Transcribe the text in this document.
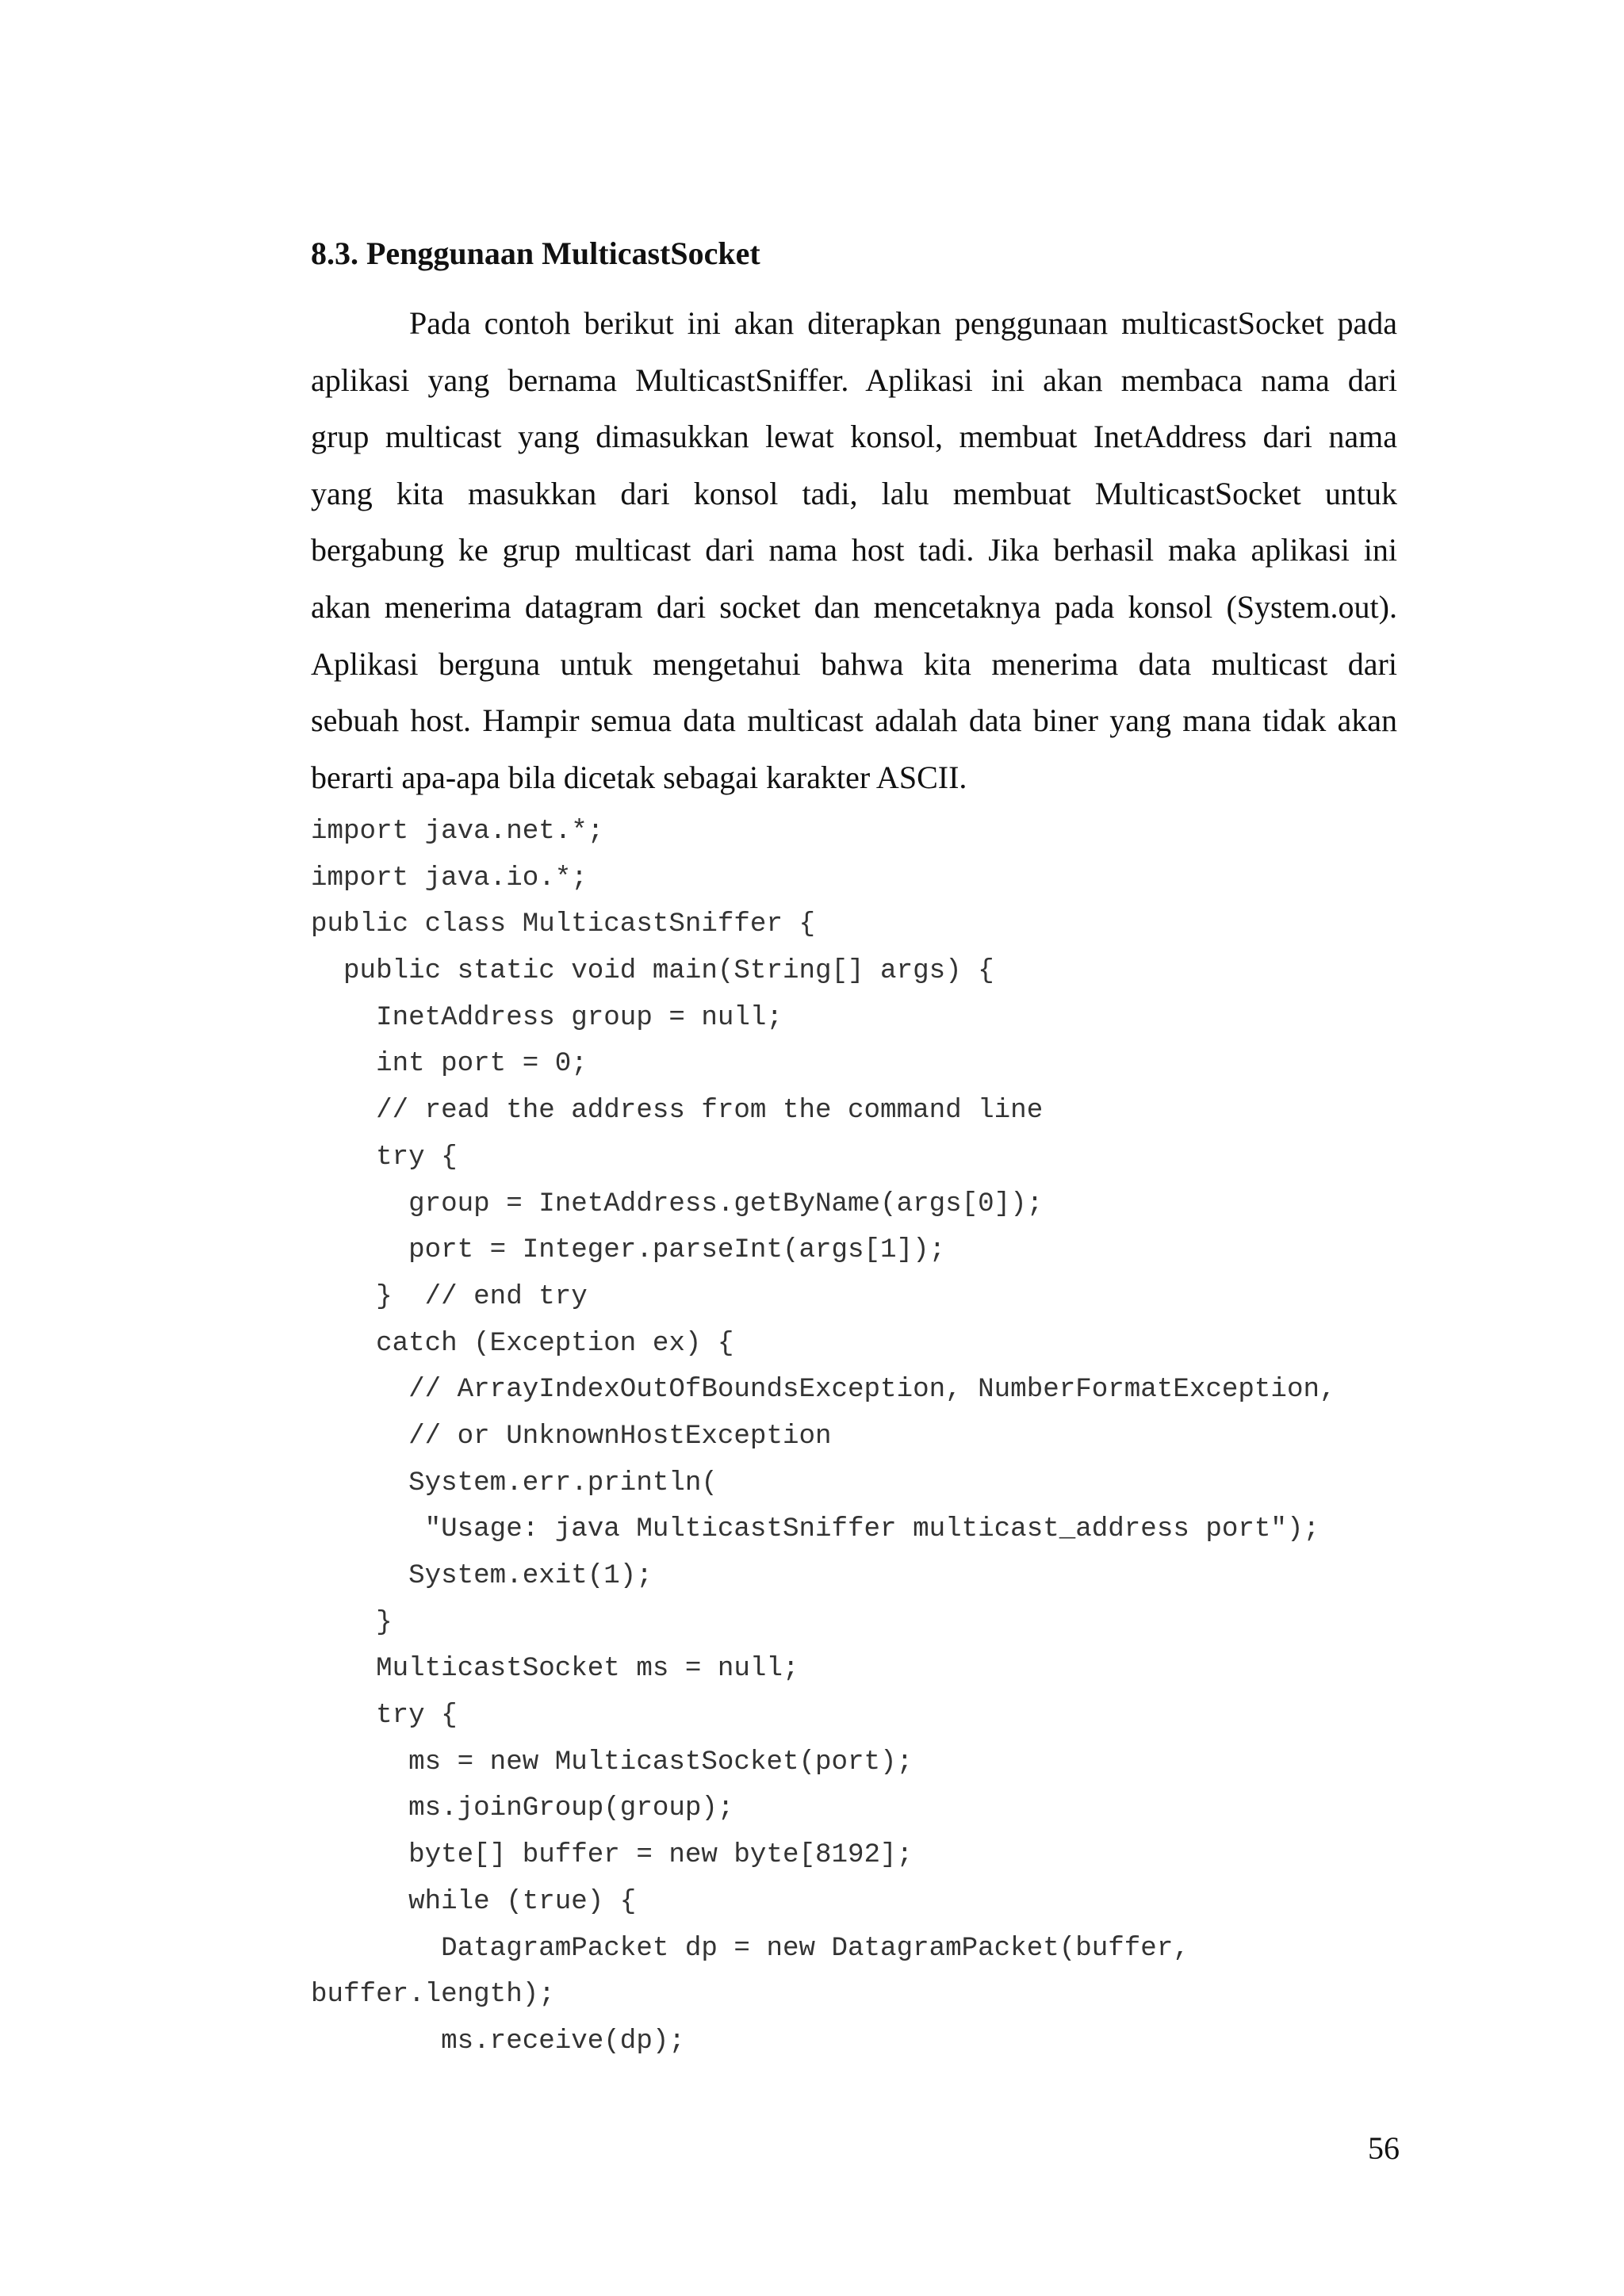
8.3. Penggunaan MulticastSocket
Pada contoh berikut ini akan diterapkan penggunaan multicastSocket pada
aplikasi yang bernama MulticastSniffer. Aplikasi ini akan membaca nama dari
grup multicast yang dimasukkan lewat konsol, membuat InetAddress dari nama
yang kita masukkan dari konsol tadi, lalu membuat MulticastSocket untuk
bergabung ke grup multicast dari nama host tadi. Jika berhasil maka aplikasi ini
akan menerima datagram dari socket dan mencetaknya pada konsol (System.out).
Aplikasi berguna untuk mengetahui bahwa kita menerima data multicast dari
sebuah host. Hampir semua data multicast adalah data biner yang mana tidak akan
berarti apa-apa bila dicetak sebagai karakter ASCII.
import java.net.*;
import java.io.*;
public class MulticastSniffer {
public static void main(String[] args) {
InetAddress group = null;
int port = 0;
// read the address from the command line
try {
group = InetAddress.getByName(args[0]);
port = Integer.parseInt(args[1]);
}  // end try
catch (Exception ex) {
// ArrayIndexOutOfBoundsException, NumberFormatException,
// or UnknownHostException
System.err.println(
"Usage: java MulticastSniffer multicast_address port");
System.exit(1);
}
MulticastSocket ms = null;
try {
ms = new MulticastSocket(port);
ms.joinGroup(group);
byte[] buffer = new byte[8192];
while (true) {
DatagramPacket dp = new DatagramPacket(buffer,
buffer.length);
ms.receive(dp);
56
